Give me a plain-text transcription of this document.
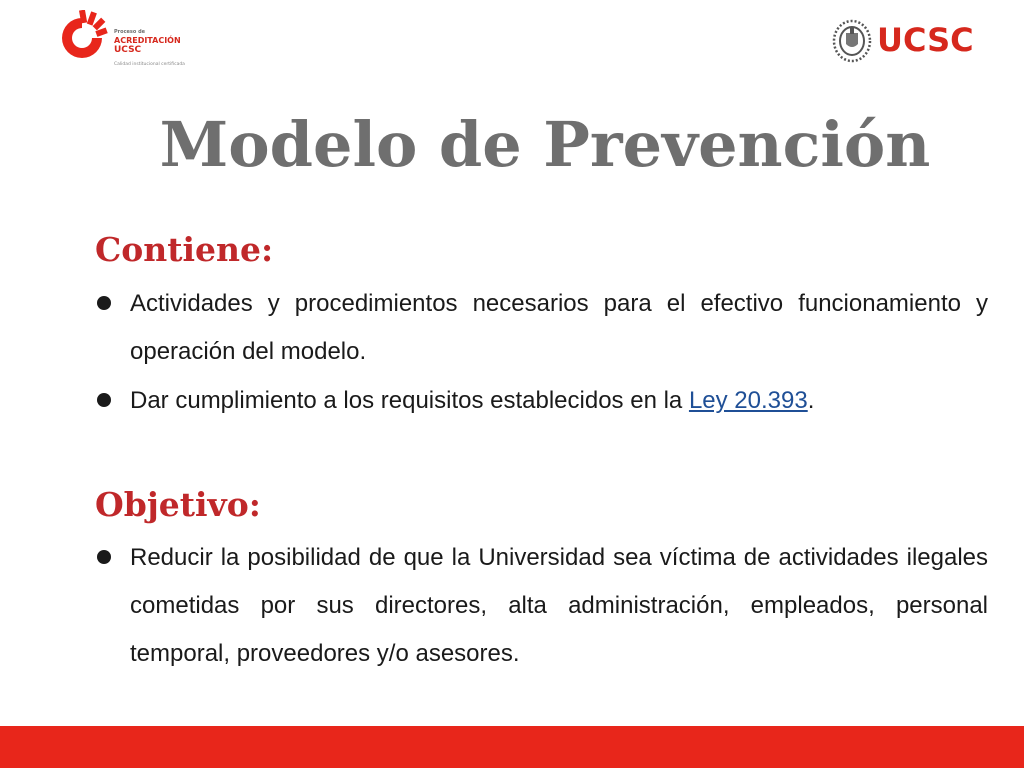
Proceso de
ACREDITACIÓN
UCSC
Calidad institucional certificada
UCSC
Modelo de Prevención
Contiene:
Actividades y procedimientos necesarios para el efectivo funcionamiento y operación del modelo.
Dar cumplimiento a los requisitos establecidos en la Ley 20.393.
Objetivo:
Reducir la posibilidad de que la Universidad sea víctima de actividades ilegales cometidas por sus directores, alta administración, empleados, personal temporal, proveedores y/o asesores.
